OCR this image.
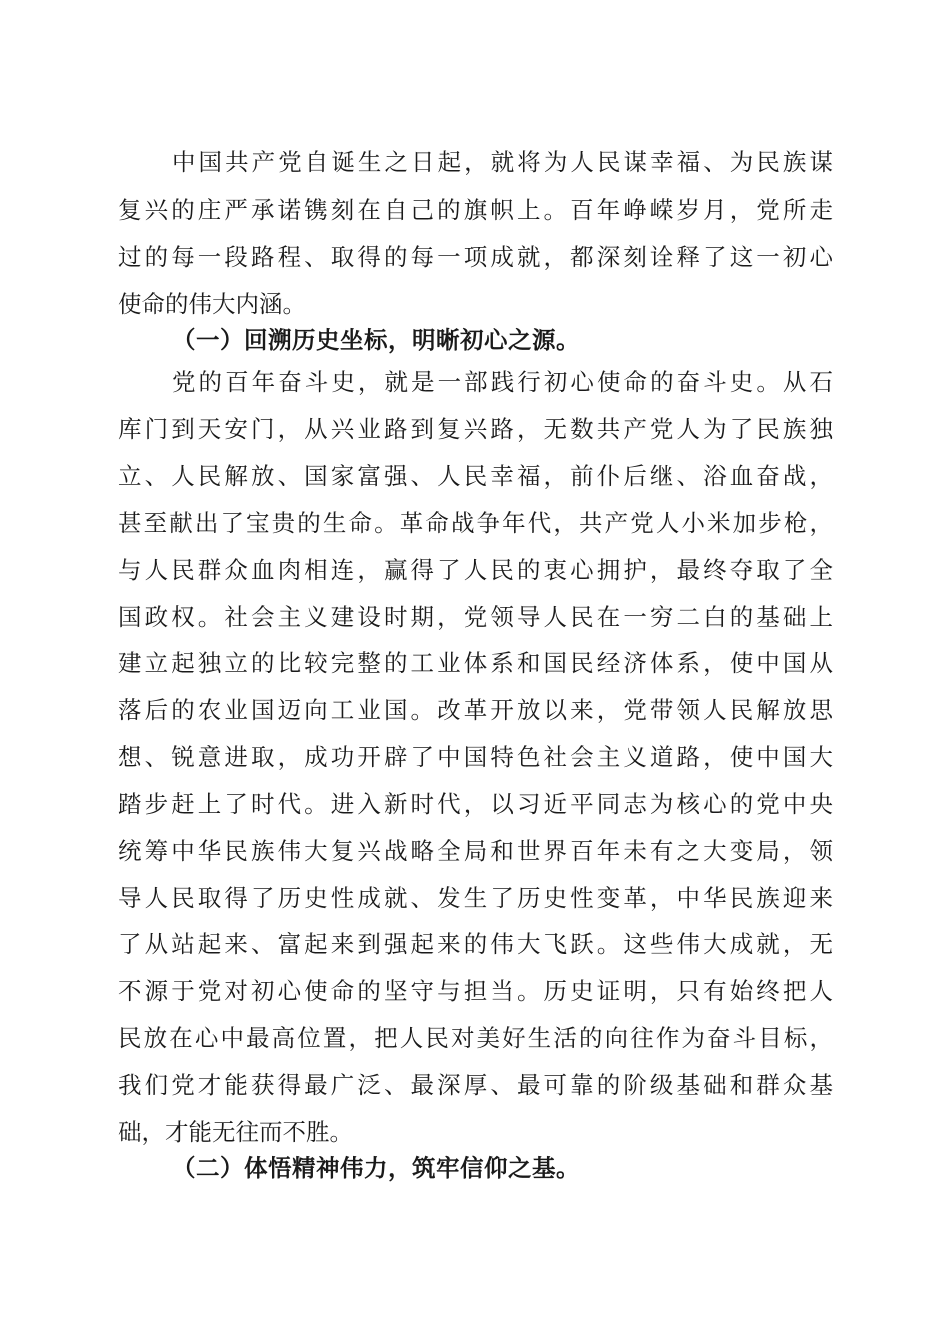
中国共产党自诞生之日起，就将为人民谋幸福、为民族谋
复兴的庄严承诺镌刻在自己的旗帜上。百年峥嵘岁月，党所走
过的每一段路程、取得的每一项成就，都深刻诠释了这一初心
使命的伟大内涵。
（一）回溯历史坐标，明晰初心之源。
党的百年奋斗史，就是一部践行初心使命的奋斗史。从石
库门到天安门，从兴业路到复兴路，无数共产党人为了民族独
立、人民解放、国家富强、人民幸福，前仆后继、浴血奋战，
甚至献出了宝贵的生命。革命战争年代，共产党人小米加步枪，
与人民群众血肉相连，赢得了人民的衷心拥护，最终夺取了全
国政权。社会主义建设时期，党领导人民在一穷二白的基础上
建立起独立的比较完整的工业体系和国民经济体系，使中国从
落后的农业国迈向工业国。改革开放以来，党带领人民解放思
想、锐意进取，成功开辟了中国特色社会主义道路，使中国大
踏步赶上了时代。进入新时代，以习近平同志为核心的党中央
统筹中华民族伟大复兴战略全局和世界百年未有之大变局，领
导人民取得了历史性成就、发生了历史性变革，中华民族迎来
了从站起来、富起来到强起来的伟大飞跃。这些伟大成就，无
不源于党对初心使命的坚守与担当。历史证明，只有始终把人
民放在心中最高位置，把人民对美好生活的向往作为奋斗目标，
我们党才能获得最广泛、最深厚、最可靠的阶级基础和群众基
础，才能无往而不胜。
（二）体悟精神伟力，筑牢信仰之基。
